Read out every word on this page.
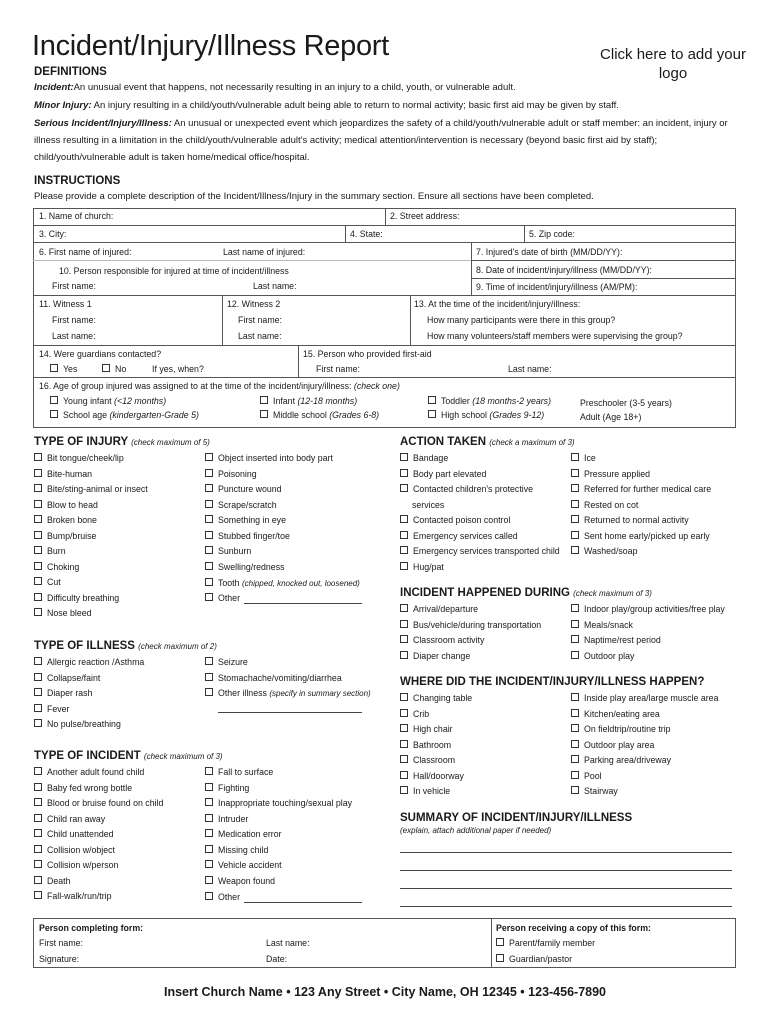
Incident/Injury/Illness Report	Click here to add your logo
DEFINITIONS
Incident:An unusual event that happens, not necessarily resulting in an injury to a child, youth, or vulnerable adult.
Minor Injury: An injury resulting in a child/youth/vulnerable adult being able to return to normal activity; basic first aid may be given by staff.
Serious Incident/Injury/Illness: An unusual or unexpected event which jeopardizes the safety of a child/youth/vulnerable adult or staff member: an incident, injury or illness resulting in a limitation in the child/youth/vulnerable adult's activity; medical attention/intervention is necessary (beyond basic first aid by staff); child/youth/vulnerable adult is taken home/medical office/hospital.
INSTRUCTIONS
Please provide a complete description of the Incident/Illness/Injury in the summary section. Ensure all sections have been completed.
1. Name of church:	2. Street address:
3. City:	4. State:	5. Zip code:
6. First name of injured:	Last name of injured:	7. Injured's date of birth (MM/DD/YY):
10. Person responsible for injured at time of incident/illness	8. Date of incident/injury/illness (MM/DD/YY):
First name:	Last name:	9. Time of incident/injury/illness (AM/PM):
11. Witness 1
First name:
Last name:
12. Witness 2
First name:
Last name:
13. At the time of the incident/injury/illness:
How many participants were there in this group?
How many volunteers/staff members were supervising the group?
14. Were guardians contacted?
Yes	No	If yes, when?
15. Person who provided first-aid
First name:	Last name:
16. Age of group injured was assigned to at the time of the incident/injury/illness: (check one)
Young infant (<12 months)	Infant (12-18 months)	Toddler (18 months-2 years)	Preschooler (3-5 years)
School age (kindergarten-Grade 5)	Middle school (Grades 6-8)	High school (Grades 9-12)	Adult (Age 18+)
TYPE OF INJURY (check maximum of 5)
Bit tongue/cheek/lip
Bite-human
Bite/sting-animal or insect
Blow to head
Broken bone
Bump/bruise
Burn
Choking
Cut
Difficulty breathing
Nose bleed
Object inserted into body part
Poisoning
Puncture wound
Scrape/scratch
Something in eye
Stubbed finger/toe
Sunburn
Swelling/redness
Tooth (chipped, knocked out, loosened)
Other
TYPE OF ILLNESS (check maximum of 2)
Allergic reaction /Asthma
Collapse/faint
Diaper rash
Fever
No pulse/breathing
Seizure
Stomachache/vomiting/diarrhea
Other illness (specify in summary section)
TYPE OF INCIDENT (check maximum of 3)
Another adult found child
Baby fed wrong bottle
Blood or bruise found on child
Child ran away
Child unattended
Collision w/object
Collision w/person
Death
Fall-walk/run/trip
Fall to surface
Fighting
Inappropriate touching/sexual play
Intruder
Medication error
Missing child
Vehicle accident
Weapon found
Other
ACTION TAKEN (check a maximum of 3)
Bandage
Body part elevated
Contacted children's protective
services
Contacted poison control
Emergency services called
Emergency services transported child
Hug/pat
Ice
Pressure applied
Referred for further medical care
Rested on cot
Returned to normal activity
Sent home early/picked up early
Washed/soap
INCIDENT HAPPENED DURING (check maximum of 3)
Arrival/departure
Bus/vehicle/during transportation
Classroom activity
Diaper change
Indoor play/group activities/free play
Meals/snack
Naptime/rest period
Outdoor play
WHERE DID THE INCIDENT/INJURY/ILLNESS HAPPEN?
Changing table
Crib
High chair
Bathroom
Classroom
Hall/doorway
In vehicle
Inside play area/large muscle area
Kitchen/eating area
On fieldtrip/routine trip
Outdoor play area
Parking area/driveway
Pool
Stairway
SUMMARY OF INCIDENT/INJURY/ILLNESS
(explain, attach additional paper if needed)
Person completing form:
First name:	Last name:
Signature:	Date:
Person receiving a copy of this form:
Parent/family member
Guardian/pastor
Insert Church Name • 123 Any Street • City Name, OH 12345 • 123-456-7890
